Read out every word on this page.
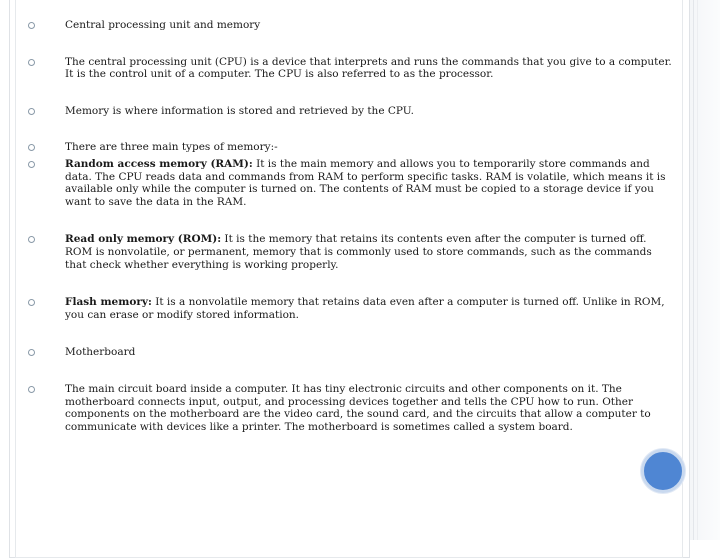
Central processing unit and memory
The central processing unit (CPU) is a device that interprets and runs the commands that you give to a computer. It is the control unit of a computer. The CPU is also referred to as the processor.
Memory is where information is stored and retrieved by the CPU.
There are three main types of memory:-
Random access memory (RAM): It is the main memory and allows you to temporarily store commands and data. The CPU reads data and commands from RAM to perform specific tasks. RAM is volatile, which means it is available only while the computer is turned on. The contents of RAM must be copied to a storage device if you want to save the data in the RAM.
Read only memory (ROM): It is the memory that retains its contents even after the computer is turned off. ROM is nonvolatile, or permanent, memory that is commonly used to store commands, such as the commands that check whether everything is working properly.
Flash memory: It is a nonvolatile memory that retains data even after a computer is turned off. Unlike in ROM, you can erase or modify stored information.
Motherboard
The main circuit board inside a computer. It has tiny electronic circuits and other components on it. The motherboard connects input, output, and processing devices together and tells the CPU how to run. Other components on the motherboard are the video card, the sound card, and the circuits that allow a computer to communicate with devices like a printer. The motherboard is sometimes called a system board.
